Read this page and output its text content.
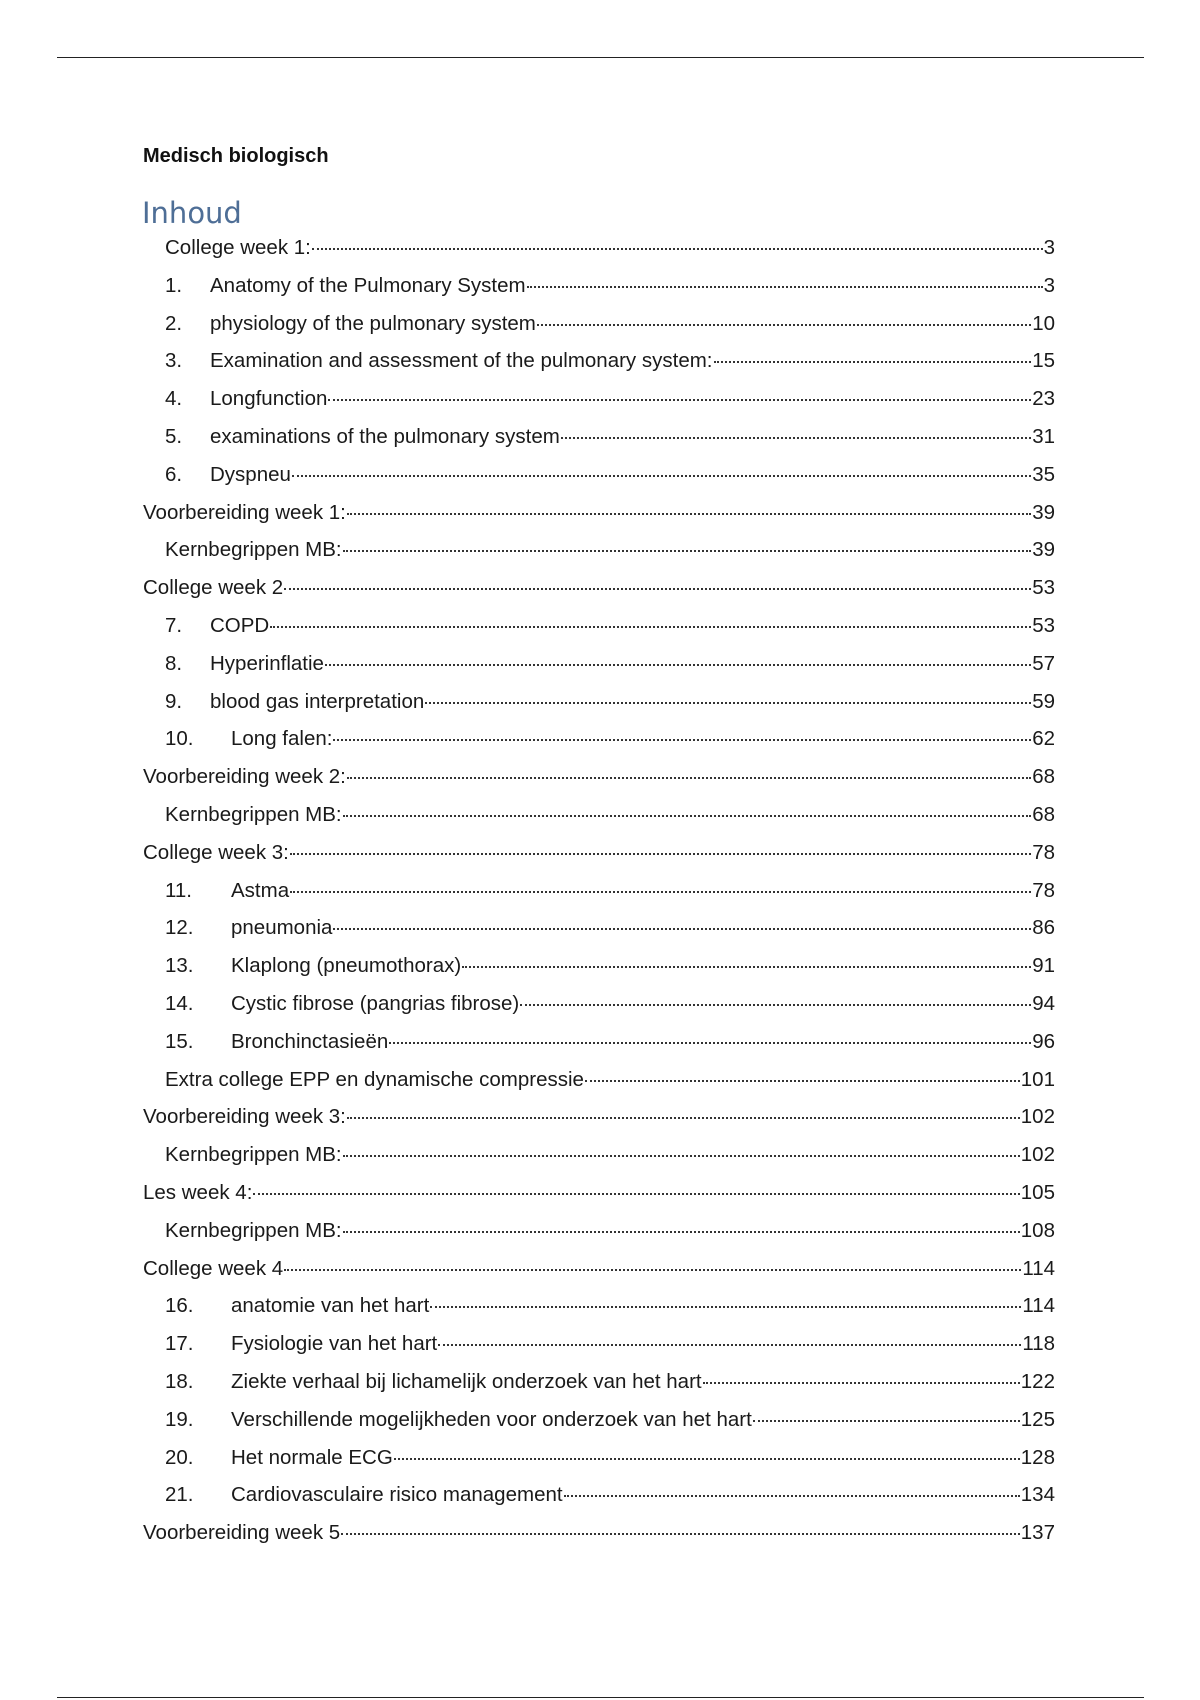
Medisch biologisch
Inhoud
College week 1:	3
1. Anatomy of the Pulmonary System	3
2. physiology of the pulmonary system	10
3. Examination and assessment of the pulmonary system:	15
4. Longfunction	23
5. examinations of the pulmonary system	31
6. Dyspneu	35
Voorbereiding week 1:	39
Kernbegrippen MB:	39
College week 2	53
7. COPD	53
8. Hyperinflatie	57
9. blood gas interpretation	59
10. Long falen:	62
Voorbereiding week 2:	68
Kernbegrippen MB:	68
College week 3:	78
11. Astma	78
12. pneumonia	86
13. Klaplong (pneumothorax)	91
14. Cystic fibrose (pangrias fibrose)	94
15. Bronchinctasieën	96
Extra college EPP en dynamische compressie	101
Voorbereiding week 3:	102
Kernbegrippen MB:	102
Les week 4:	105
Kernbegrippen MB:	108
College week 4	114
16. anatomie van het hart	114
17. Fysiologie van het hart	118
18. Ziekte verhaal bij lichamelijk onderzoek van het hart	122
19. Verschillende mogelijkheden voor onderzoek van het hart	125
20. Het normale ECG	128
21. Cardiovasculaire risico management	134
Voorbereiding week 5	137
